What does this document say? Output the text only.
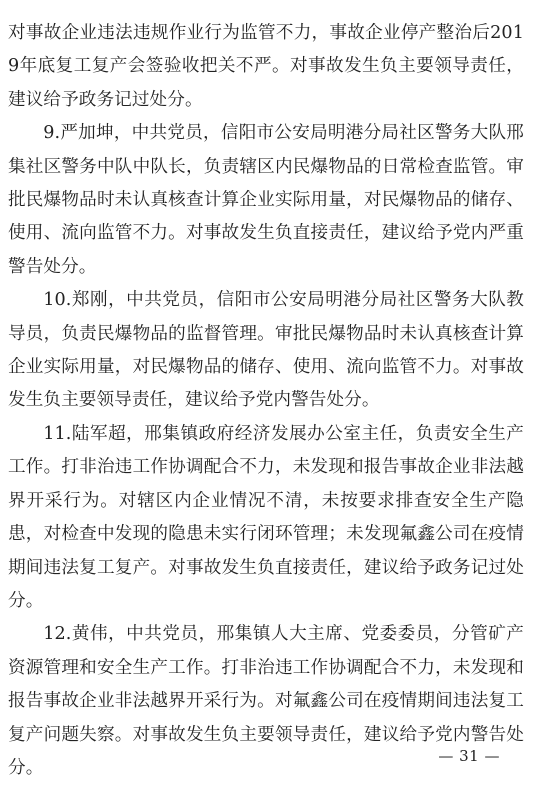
对事故企业违法违规作业行为监管不力，事故企业停产整治后2019年底复工复产会签验收把关不严。对事故发生负主要领导责任，建议给予政务记过处分。

9.严加坤，中共党员，信阳市公安局明港分局社区警务大队邢集社区警务中队中队长，负责辖区内民爆物品的日常检查监管。审批民爆物品时未认真核查计算企业实际用量，对民爆物品的储存、使用、流向监管不力。对事故发生负直接责任，建议给予党内严重警告处分。

10.郑刚，中共党员，信阳市公安局明港分局社区警务大队教导员，负责民爆物品的监督管理。审批民爆物品时未认真核查计算企业实际用量，对民爆物品的储存、使用、流向监管不力。对事故发生负主要领导责任，建议给予党内警告处分。

11.陆军超，邢集镇政府经济发展办公室主任，负责安全生产工作。打非治违工作协调配合不力，未发现和报告事故企业非法越界开采行为。对辖区内企业情况不清，未按要求排查安全生产隐患，对检查中发现的隐患未实行闭环管理；未发现氟鑫公司在疫情期间违法复工复产。对事故发生负直接责任，建议给予政务记过处分。

12.黄伟，中共党员，邢集镇人大主席、党委委员，分管矿产资源管理和安全生产工作。打非治违工作协调配合不力，未发现和报告事故企业非法越界开采行为。对氟鑫公司在疫情期间违法复工复产问题失察。对事故发生负主要领导责任，建议给予党内警告处分。

— 31 —
